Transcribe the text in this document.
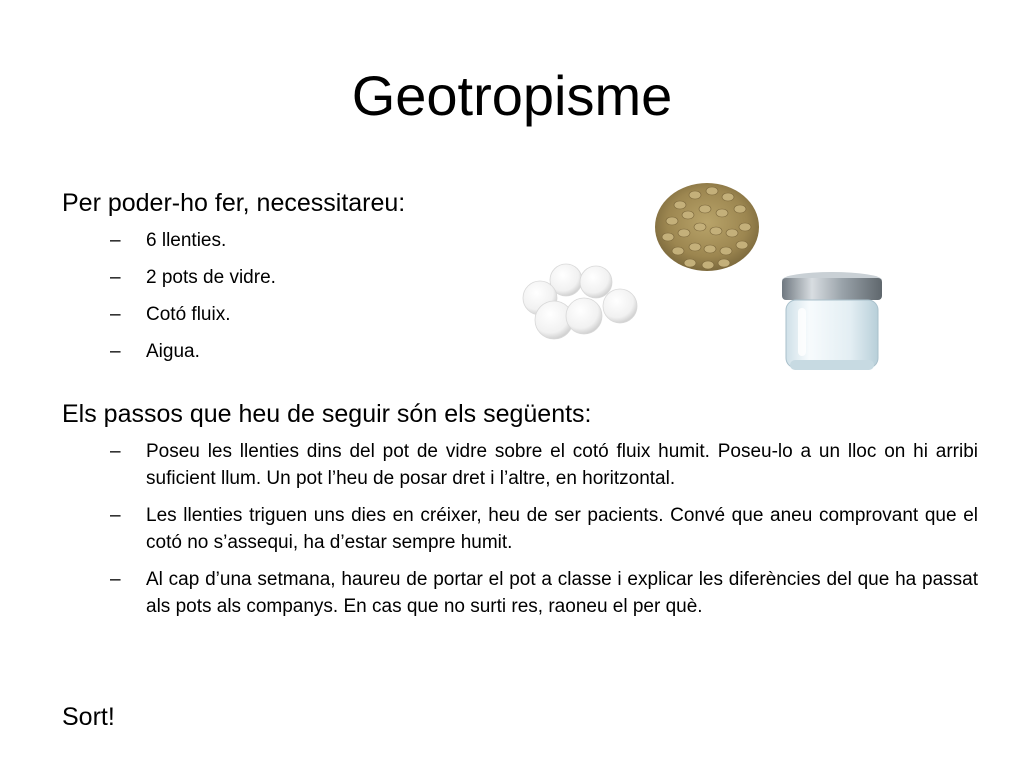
Geotropisme

Per poder-ho fer, necessitareu:

– 6 llenties.
– 2 pots de vidre.
– Cotó fluix.
– Aigua.

Els passos que heu de seguir són els següents:

– Poseu les llenties dins del pot de vidre sobre el cotó fluix humit. Poseu-lo a un lloc on hi arribi suficient llum. Un pot l’heu de posar dret i l’altre, en horitzontal.
– Les llenties triguen uns dies en créixer, heu de ser pacients. Convé que aneu comprovant que el cotó no s’assequi, ha d’estar sempre humit.
– Al cap d’una setmana, haureu de portar el pot a classe i explicar les diferències del que ha passat als pots als companys. En cas que no surti res, raoneu el per què.

Sort!
